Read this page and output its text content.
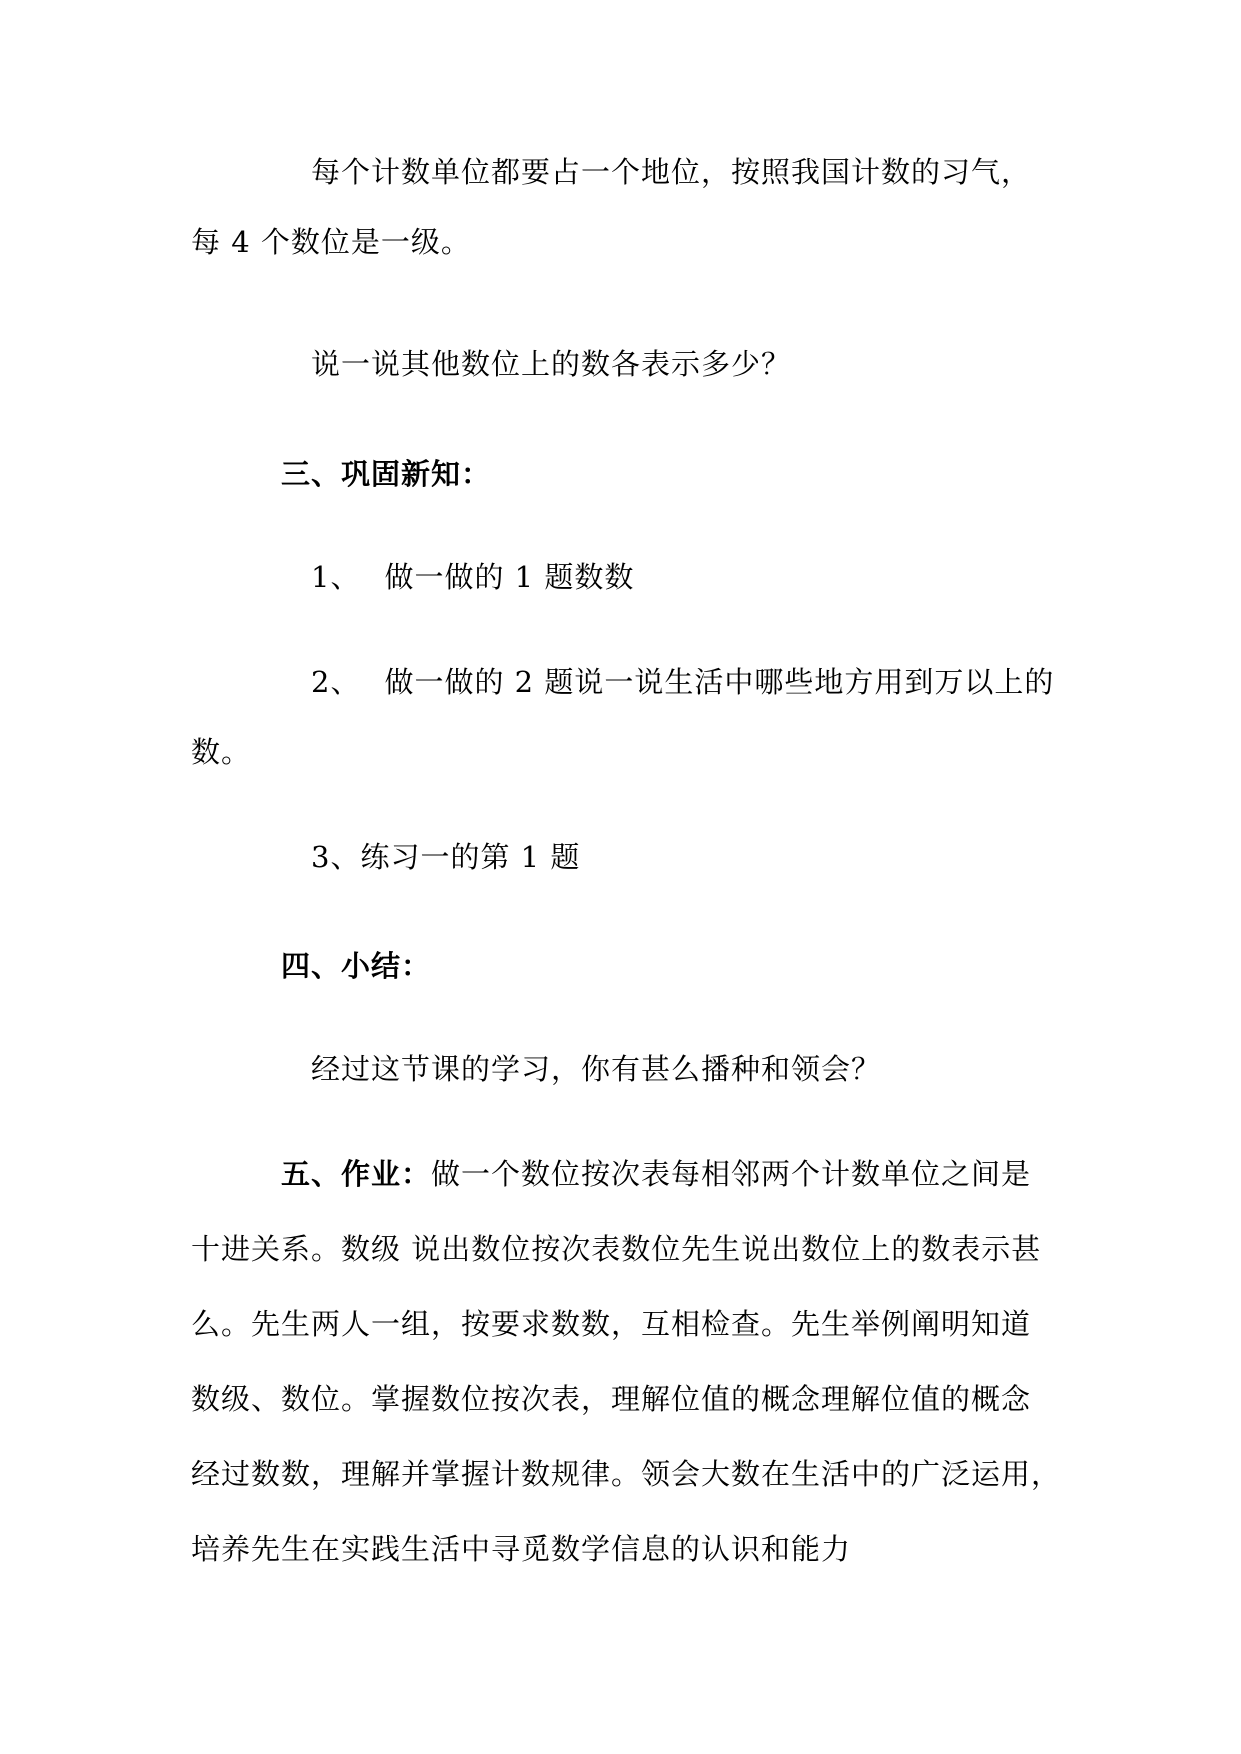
每个计数单位都要占一个地位，按照我国计数的习气，
每 4 个数位是一级。
说一说其他数位上的数各表示多少？
三、巩固新知：
1、 做一做的 1 题数数
2、 做一做的 2 题说一说生活中哪些地方用到万以上的
数。
3、练习一的第 1 题
四、小结：
经过这节课的学习，你有甚么播种和领会？
五、作业：做一个数位按次表每相邻两个计数单位之间是
十进关系。数级 说出数位按次表数位先生说出数位上的数表示甚
么。先生两人一组，按要求数数，互相检查。先生举例阐明知道
数级、数位。掌握数位按次表，理解位值的概念理解位值的概念
经过数数，理解并掌握计数规律。领会大数在生活中的广泛运用，
培养先生在实践生活中寻觅数学信息的认识和能力
